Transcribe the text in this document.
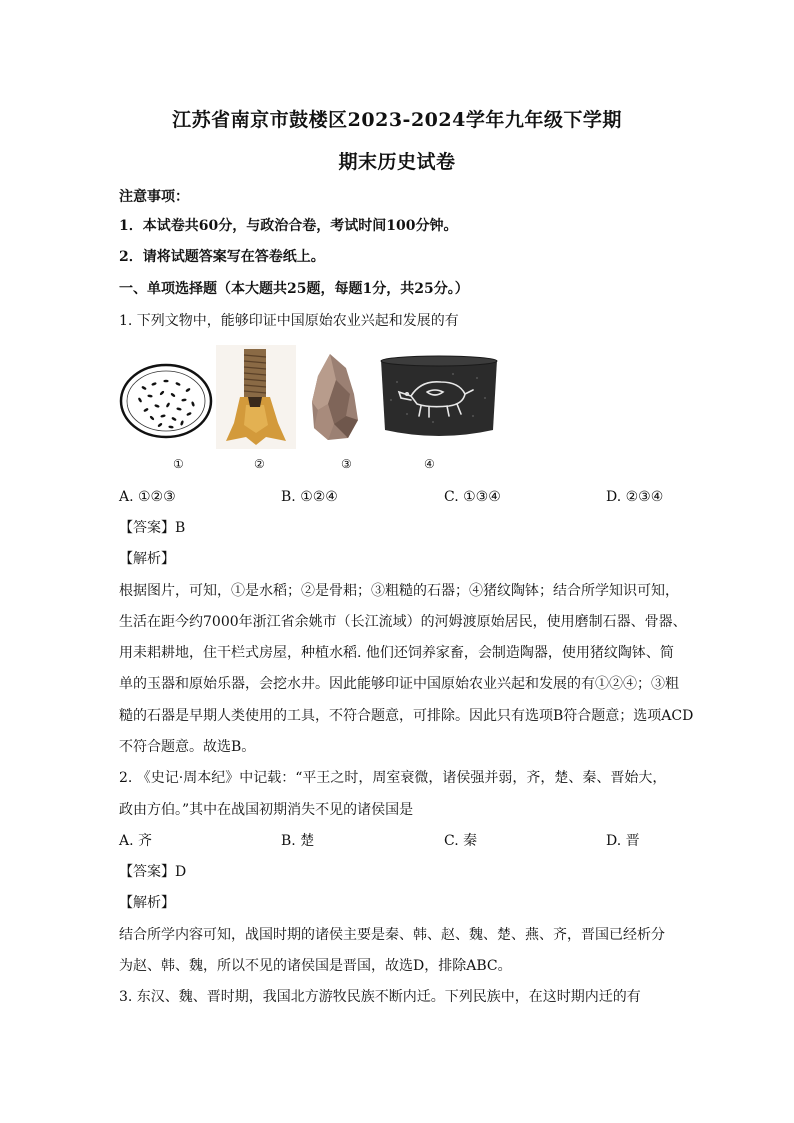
江苏省南京市鼓楼区2023-2024学年九年级下学期
期末历史试卷
注意事项：
1．本试卷共60分，与政治合卷，考试时间100分钟。
2．请将试题答案写在答卷纸上。
一、单项选择题（本大题共25题，每题1分，共25分。）
1. 下列文物中，能够印证中国原始农业兴起和发展的有
①	②	③	④
A. ①②③	B. ①②④	C. ①③④	D. ②③④
【答案】B
【解析】
根据图片，可知，①是水稻；②是骨耜；③粗糙的石器；④猪纹陶钵；结合所学知识可知，
生活在距今约7000年浙江省余姚市（长江流域）的河姆渡原始居民，使用磨制石器、骨器、
用耒耜耕地，住干栏式房屋，种植水稻. 他们还饲养家畜，会制造陶器，使用猪纹陶钵、简
单的玉器和原始乐器，会挖水井。因此能够印证中国原始农业兴起和发展的有①②④；③粗
糙的石器是早期人类使用的工具，不符合题意，可排除。因此只有选项B符合题意；选项ACD
不符合题意。故选B。
2. 《史记·周本纪》中记载：“平王之时，周室衰微，诸侯强并弱，齐，楚、秦、晋始大，
政由方伯。”其中在战国初期消失不见的诸侯国是
A. 齐	B. 楚	C. 秦	D. 晋
【答案】D
【解析】
结合所学内容可知，战国时期的诸侯主要是秦、韩、赵、魏、楚、燕、齐，晋国已经析分
为赵、韩、魏，所以不见的诸侯国是晋国，故选D，排除ABC。
3. 东汉、魏、晋时期，我国北方游牧民族不断内迁。下列民族中，在这时期内迁的有
